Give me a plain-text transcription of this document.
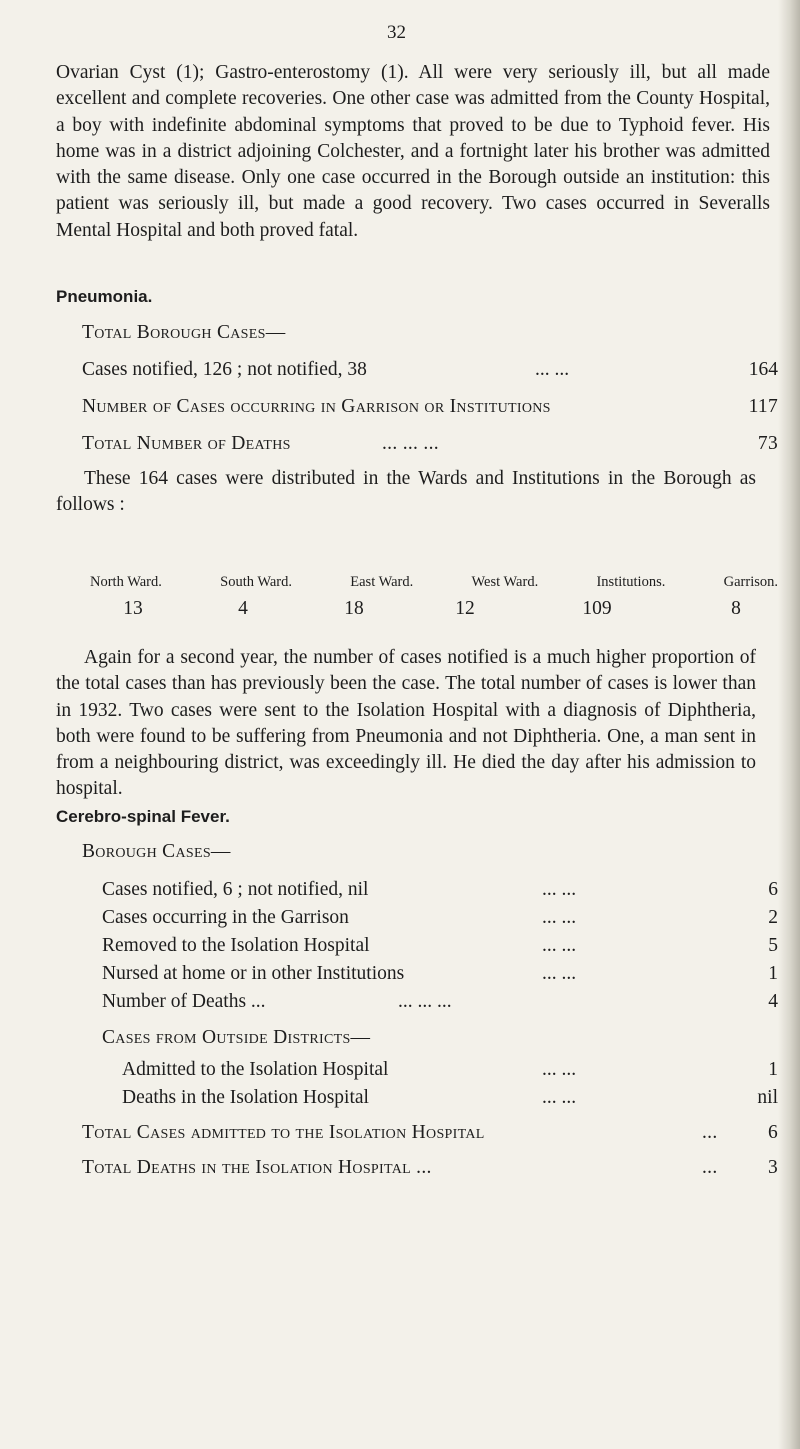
32
Ovarian Cyst (1); Gastro-enterostomy (1). All were very seriously ill, but all made excellent and complete recoveries. One other case was admitted from the County Hospital, a boy with indefinite abdominal symptoms that proved to be due to Typhoid fever. His home was in a district adjoining Colchester, and a fortnight later his brother was admitted with the same disease. Only one case occurred in the Borough outside an institution: this patient was seriously ill, but made a good recovery. Two cases occurred in Severalls Mental Hospital and both proved fatal.
Pneumonia.
Total Borough Cases—
Cases notified, 126 ; not notified, 38	... ...	164
Number of Cases occurring in Garrison or Institutions	117
Total Number of Deaths	... ... ...	73
These 164 cases were distributed in the Wards and Institutions in the Borough as follows :
North Ward.	South Ward.	East Ward.	West Ward.	Institutions.	Garrison.
13	4	18	12	109	8
Again for a second year, the number of cases notified is a much higher proportion of the total cases than has previously been the case. The total number of cases is lower than in 1932. Two cases were sent to the Isolation Hospital with a diagnosis of Diphtheria, both were found to be suffering from Pneumonia and not Diphtheria. One, a man sent in from a neighbouring district, was exceedingly ill. He died the day after his admission to hospital.
Cerebro-spinal Fever.
Borough Cases—
Cases notified, 6 ; not notified, nil	... ...	6
Cases occurring in the Garrison	... ...	2
Removed to the Isolation Hospital	... ...	5
Nursed at home or in other Institutions	... ...	1
Number of Deaths ...	... ... ...	4
Cases from Outside Districts—
Admitted to the Isolation Hospital	... ...	1
Deaths in the Isolation Hospital	... ...	nil
Total Cases admitted to the Isolation Hospital	...	6
Total Deaths in the Isolation Hospital ...	...	3
